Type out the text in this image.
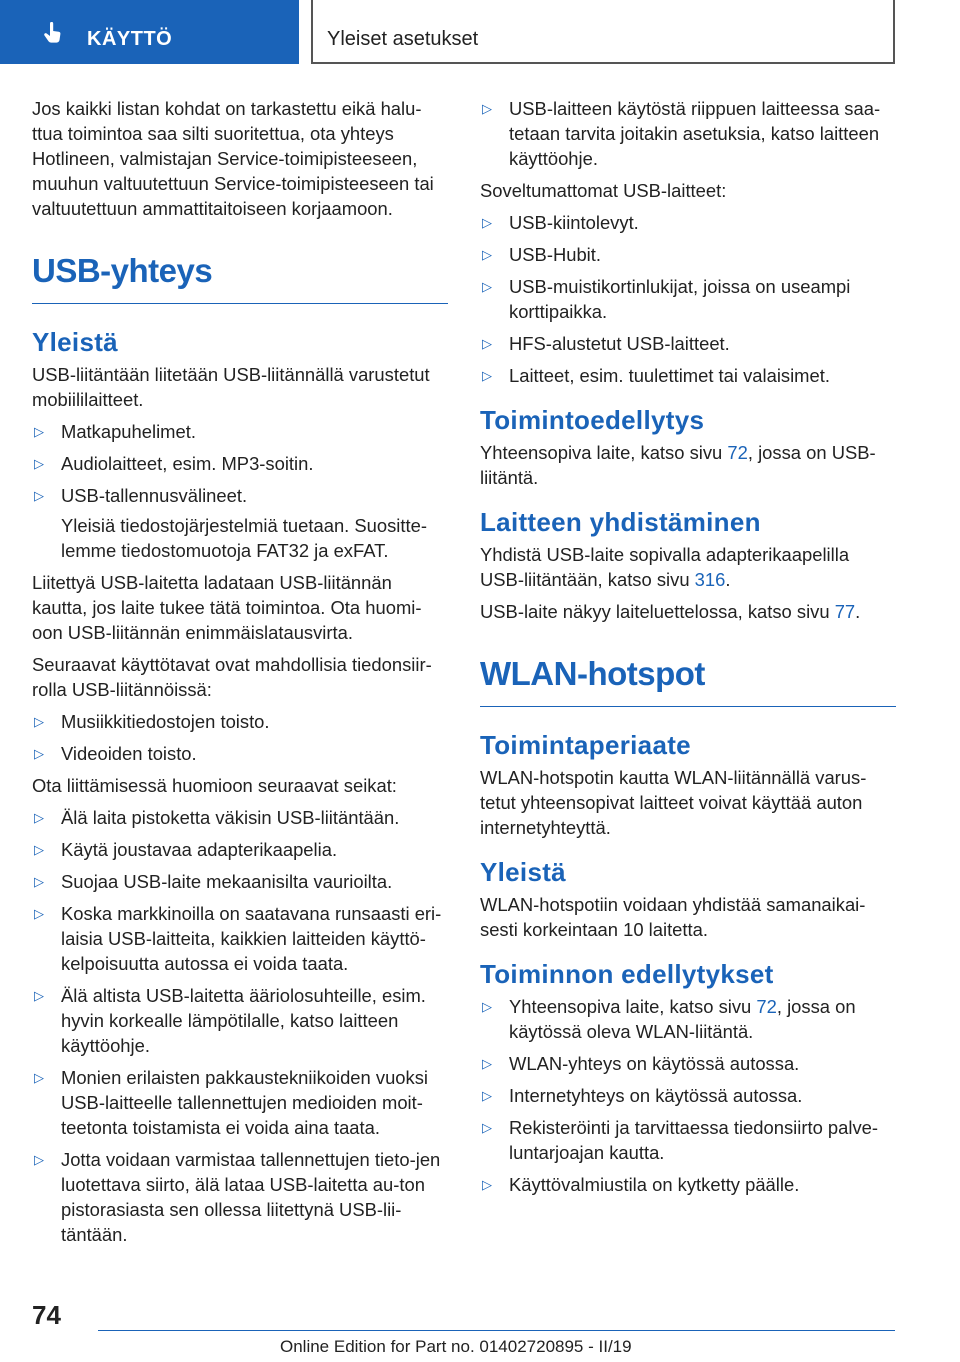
KÄYTTÖ	Yleiset asetukset

Jos kaikki listan kohdat on tarkastettu eikä halu-ttua toimintoa saa silti suoritettua, ota yhteys Hotlineen, valmistajan Service-toimipisteeseen, muuhun valtuutettuun Service-toimipisteeseen tai valtuutettuun ammattitaitoiseen korjaamoon.

USB-yhteys
Yleistä

USB-liitäntään liitetään USB-liitännällä varustetut mobiililaitteet.

▷ Matkapuhelimet.
▷ Audiolaitteet, esim. MP3-soitin.
▷ USB-tallennusvälineet.

Yleisiä tiedostojärjestelmiä tuetaan. Suositte-lemme tiedostomuotoja FAT32 ja exFAT.

Liitettyä USB-laitetta ladataan USB-liitännän kautta, jos laite tukee tätä toimintoa. Ota huomi-oon USB-liitännän enimmäislatausvirta.

Seuraavat käyttötavat ovat mahdollisia tiedonsiir-rolla USB-liitännöissä:

▷ Musiikkitiedostojen toisto.
▷ Videoiden toisto.

Ota liittämisessä huomioon seuraavat seikat:

▷ Älä laita pistoketta väkisin USB-liitäntään.
▷ Käytä joustavaa adapterikaapelia.
▷ Suojaa USB-laite mekaanisilta vaurioilta.
▷ Koska markkinoilla on saatavana runsaasti eri-laisia USB-laitteita, kaikkien laitteiden käyttö-kelpoisuutta autossa ei voida taata.
▷ Älä altista USB-laitetta ääriolosuhteille, esim. hyvin korkealle lämpötilalle, katso laitteen käyttöohje.
▷ Monien erilaisten pakkaustekniikoiden vuoksi USB-laitteelle tallennettujen medioiden moit-teetonta toistamista ei voida aina taata.
▷ Jotta voidaan varmistaa tallennettujen tieto-jen luotettava siirto, älä lataa USB-laitetta au-ton pistorasiasta sen ollessa liitettynä USB-lii-täntään.
▷ USB-laitteen käytöstä riippuen laitteessa saa-tetaan tarvita joitakin asetuksia, katso laitteen käyttöohje.

Soveltumattomat USB-laitteet:

▷ USB-kiintolevyt.
▷ USB-Hubit.
▷ USB-muistikortinlukijat, joissa on useampi korttipaikka.
▷ HFS-alustetut USB-laitteet.
▷ Laitteet, esim. tuulettimet tai valaisimet.
Toimintoedellytys

Yhteensopiva laite, katso sivu 72, jossa on USB-liitäntä.

Laitteen yhdistäminen

Yhdistä USB-laite sopivalla adapterikaapelilla USB-liitäntään, katso sivu 316.

USB-laite näkyy laiteluettelossa, katso sivu 77.

WLAN-hotspot
Toimintaperiaate

WLAN-hotspotin kautta WLAN-liitännällä varus-tetut yhteensopivat laitteet voivat käyttää auton internetyhteyttä.

Yleistä

WLAN-hotspotiin voidaan yhdistää samanaikai-sesti korkeintaan 10 laitetta.

Toiminnon edellytykset
▷ Yhteensopiva laite, katso sivu 72, jossa on käytössä oleva WLAN-liitäntä.
▷ WLAN-yhteys on käytössä autossa.
▷ Internetyhteys on käytössä autossa.
▷ Rekisteröinti ja tarvittaessa tiedonsiirto palve-luntarjoajan kautta.
▷ Käyttövalmiustila on kytketty päälle.
74
Online Edition for Part no. 01402720895 - II/19
